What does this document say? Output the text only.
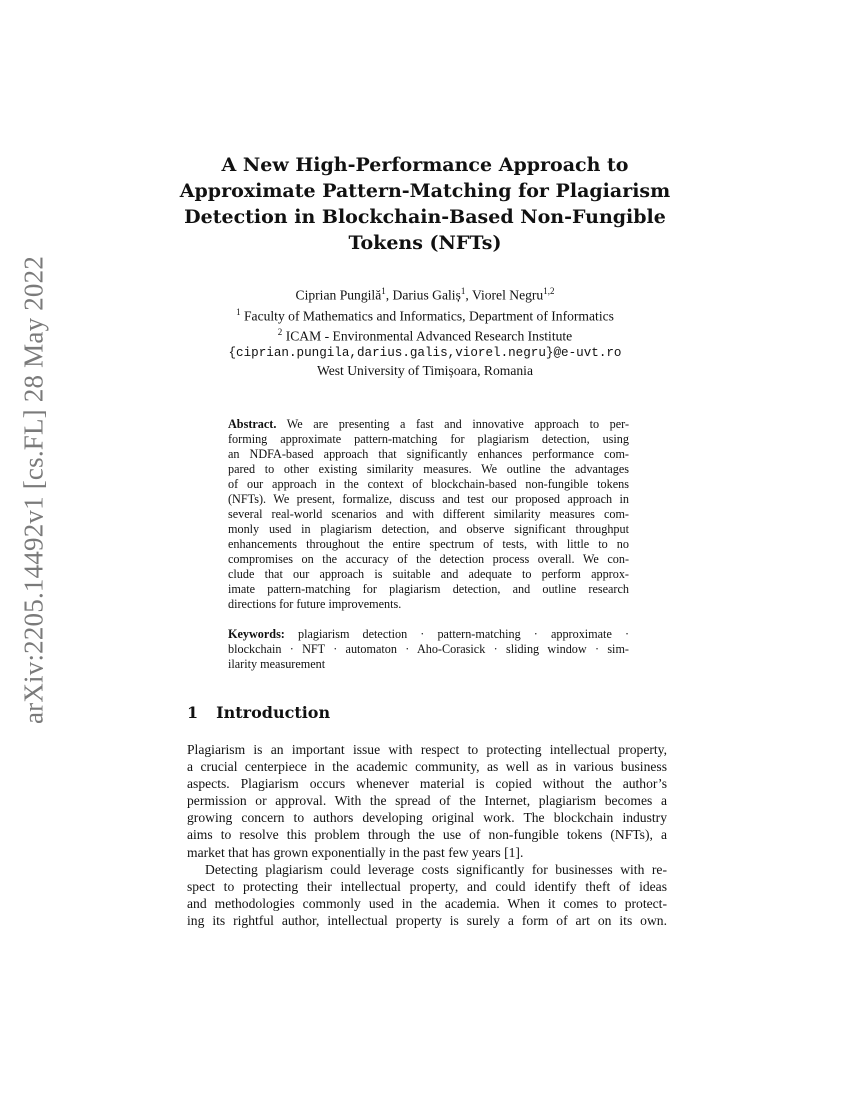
arXiv:2205.14492v1 [cs.FL] 28 May 2022
A New High-Performance Approach to
Approximate Pattern-Matching for Plagiarism
Detection in Blockchain-Based Non-Fungible
Tokens (NFTs)
Ciprian Pungilă$^1$, Darius Galiș$^1$, Viorel Negru$^{1,2}$
$^1$ Faculty of Mathematics and Informatics, Department of Informatics
$^2$ ICAM - Environmental Advanced Research Institute
{ciprian.pungila,darius.galis,viorel.negru}@e-uvt.ro
West University of Timișoara, Romania
Abstract. We are presenting a fast and innovative approach to per-
forming approximate pattern-matching for plagiarism detection, using
an NDFA-based approach that significantly enhances performance com-
pared to other existing similarity measures. We outline the advantages
of our approach in the context of blockchain-based non-fungible tokens
(NFTs). We present, formalize, discuss and test our proposed approach in
several real-world scenarios and with different similarity measures com-
monly used in plagiarism detection, and observe significant throughput
enhancements throughout the entire spectrum of tests, with little to no
compromises on the accuracy of the detection process overall. We con-
clude that our approach is suitable and adequate to perform approx-
imate pattern-matching for plagiarism detection, and outline research
directions for future improvements.
Keywords: plagiarism detection · pattern-matching · approximate ·
blockchain · NFT · automaton · Aho-Corasick · sliding window · sim-
ilarity measurement
1 Introduction
Plagiarism is an important issue with respect to protecting intellectual property,
a crucial centerpiece in the academic community, as well as in various business
aspects. Plagiarism occurs whenever material is copied without the author’s
permission or approval. With the spread of the Internet, plagiarism becomes a
growing concern to authors developing original work. The blockchain industry
aims to resolve this problem through the use of non-fungible tokens (NFTs), a
market that has grown exponentially in the past few years [1].
Detecting plagiarism could leverage costs significantly for businesses with re-
spect to protecting their intellectual property, and could identify theft of ideas
and methodologies commonly used in the academia. When it comes to protect-
ing its rightful author, intellectual property is surely a form of art on its own.
